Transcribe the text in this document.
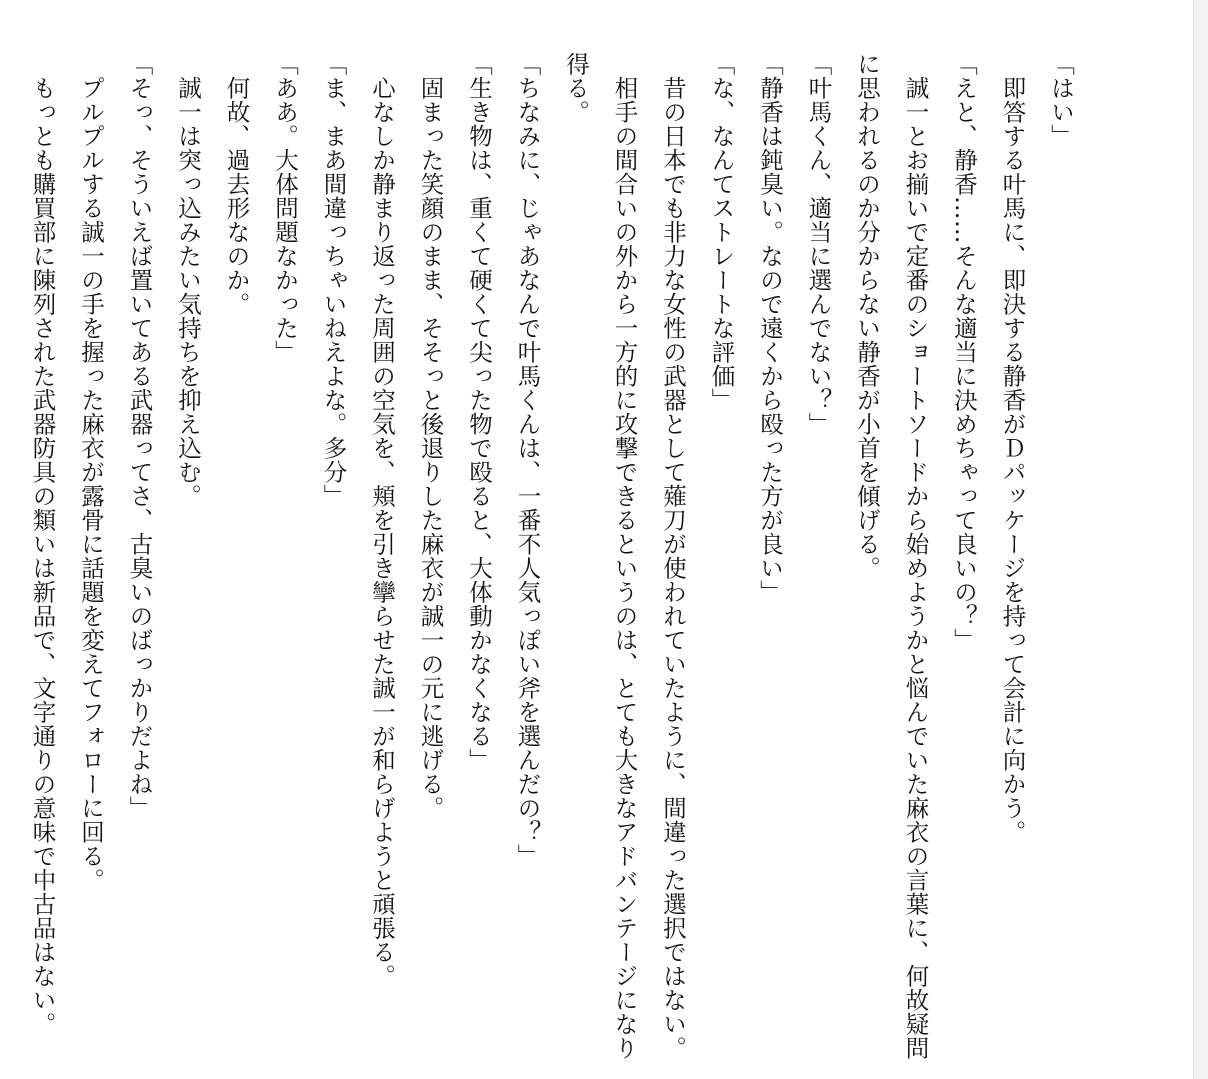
「はい」

　即答する叶馬に、即決する静香がＤパッケージを持って会計に向かう。

「えと、静香……そんな適当に決めちゃって良いの？」

　誠一とお揃いで定番のショートソードから始めようかと悩んでいた麻衣の言葉に、何故疑問に思われるのか分からない静香が小首を傾げる。

「叶馬くん、適当に選んでない？」

「静香は鈍臭い。なので遠くから殴った方が良い」

「な、なんてストレートな評価」

　昔の日本でも非力な女性の武器として薙刀が使われていたように、間違った選択ではない。

　相手の間合いの外から一方的に攻撃できるというのは、とても大きなアドバンテージになり得る。

「ちなみに、じゃあなんで叶馬くんは、一番不人気っぽい斧を選んだの？」

「生き物は、重くて硬くて尖った物で殴ると、大体動かなくなる」

　固まった笑顔のまま、そそっと後退りした麻衣が誠一の元に逃げる。

　心なしか静まり返った周囲の空気を、頬を引き攣らせた誠一が和らげようと頑張る。

「ま、まあ間違っちゃいねえよな。多分」

「ああ。大体問題なかった」

　何故、過去形なのか。

　誠一は突っ込みたい気持ちを抑え込む。

「そっ、そういえば置いてある武器ってさ、古臭いのばっかりだよね」

　プルプルする誠一の手を握った麻衣が露骨に話題を変えてフォローに回る。

　もっとも購買部に陳列された武器防具の類いは新品で、文字通りの意味で中古品はない。
